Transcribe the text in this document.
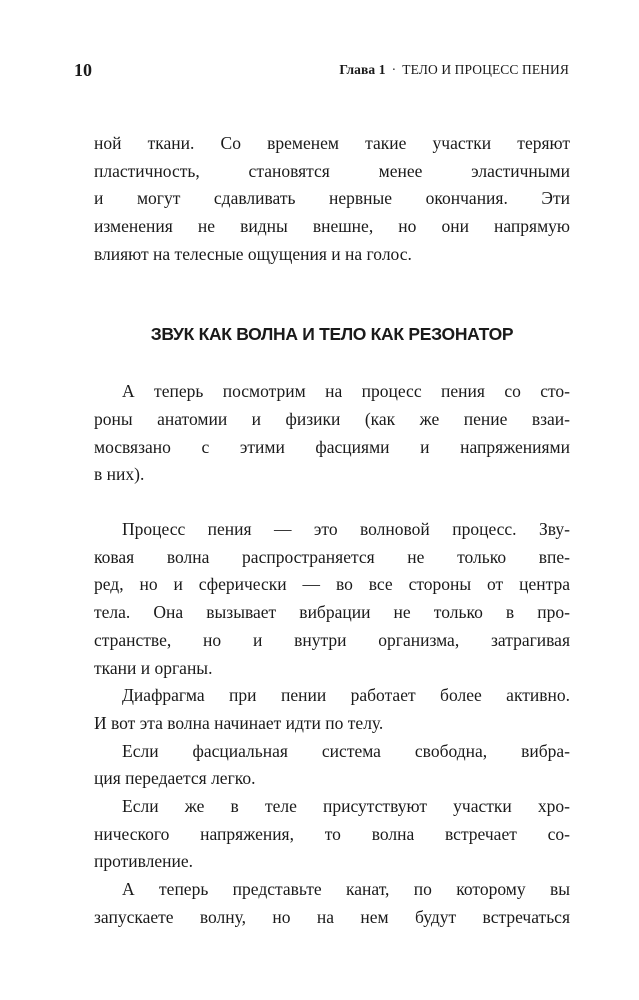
10	Глава 1 · ТЕЛО И ПРОЦЕСС ПЕНИЯ

ной ткани. Со временем такие участки теряют
пластичность, становятся менее эластичными
и могут сдавливать нервные окончания. Эти
изменения не видны внешне, но они напрямую
влияют на телесные ощущения и на голос.

ЗВУК КАК ВОЛНА И ТЕЛО КАК РЕЗОНАТОР

А теперь посмотрим на процесс пения со сто-
роны анатомии и физики (как же пение взаи-
мосвязано с этими фасциями и напряжениями
в них).

Процесс пения — это волновой процесс. Зву-
ковая волна распространяется не только впе-
ред, но и сферически — во все стороны от центра
тела. Она вызывает вибрации не только в про-
странстве, но и внутри организма, затрагивая
ткани и органы.

Диафрагма при пении работает более активно.
И вот эта волна начинает идти по телу.

Если фасциальная система свободна, вибра-
ция передается легко.

Если же в теле присутствуют участки хро-
нического напряжения, то волна встречает со-
противление.

А теперь представьте канат, по которому вы
запускаете волну, но на нем будут встречаться
